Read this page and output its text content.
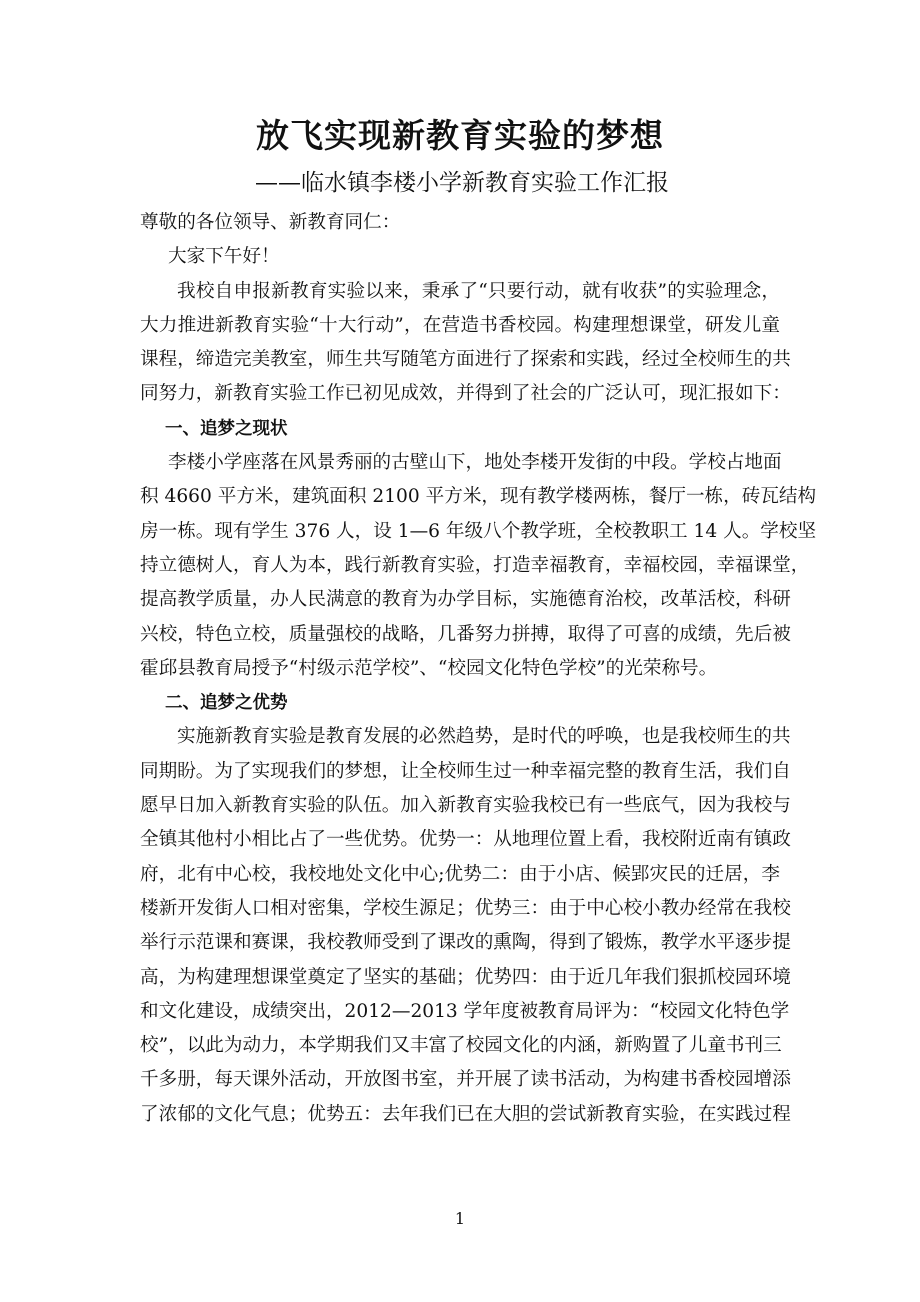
放飞实现新教育实验的梦想
——临水镇李楼小学新教育实验工作汇报
尊敬的各位领导、新教育同仁：
大家下午好！
我校自申报新教育实验以来，秉承了“只要行动，就有收获”的实验理念，
大力推进新教育实验“十大行动”，在营造书香校园。构建理想课堂，研发儿童
课程，缔造完美教室，师生共写随笔方面进行了探索和实践，经过全校师生的共
同努力，新教育实验工作已初见成效，并得到了社会的广泛认可，现汇报如下：
一、追梦之现状
李楼小学座落在风景秀丽的古壁山下，地处李楼开发街的中段。学校占地面
积 4660 平方米，建筑面积 2100 平方米，现有教学楼两栋，餐厅一栋，砖瓦结构
房一栋。现有学生 376 人，设 1—6 年级八个教学班，全校教职工 14 人。学校坚
持立德树人，育人为本，践行新教育实验，打造幸福教育，幸福校园，幸福课堂，
提高教学质量，办人民满意的教育为办学目标，实施德育治校，改革活校，科研
兴校，特色立校，质量强校的战略，几番努力拼搏，取得了可喜的成绩，先后被
霍邱县教育局授予“村级示范学校”、“校园文化特色学校”的光荣称号。
二、追梦之优势
实施新教育实验是教育发展的必然趋势，是时代的呼唤，也是我校师生的共
同期盼。为了实现我们的梦想，让全校师生过一种幸福完整的教育生活，我们自
愿早日加入新教育实验的队伍。加入新教育实验我校已有一些底气，因为我校与
全镇其他村小相比占了一些优势。优势一：从地理位置上看，我校附近南有镇政
府，北有中心校，我校地处文化中心;优势二：由于小店、候郢灾民的迁居，李
楼新开发街人口相对密集，学校生源足；优势三：由于中心校小教办经常在我校
举行示范课和赛课，我校教师受到了课改的熏陶，得到了锻炼，教学水平逐步提
高，为构建理想课堂奠定了坚实的基础；优势四：由于近几年我们狠抓校园环境
和文化建设，成绩突出，2012—2013 学年度被教育局评为：“校园文化特色学
校”，以此为动力，本学期我们又丰富了校园文化的内涵，新购置了儿童书刊三
千多册，每天课外活动，开放图书室，并开展了读书活动，为构建书香校园增添
了浓郁的文化气息；优势五：去年我们已在大胆的尝试新教育实验，在实践过程
1
